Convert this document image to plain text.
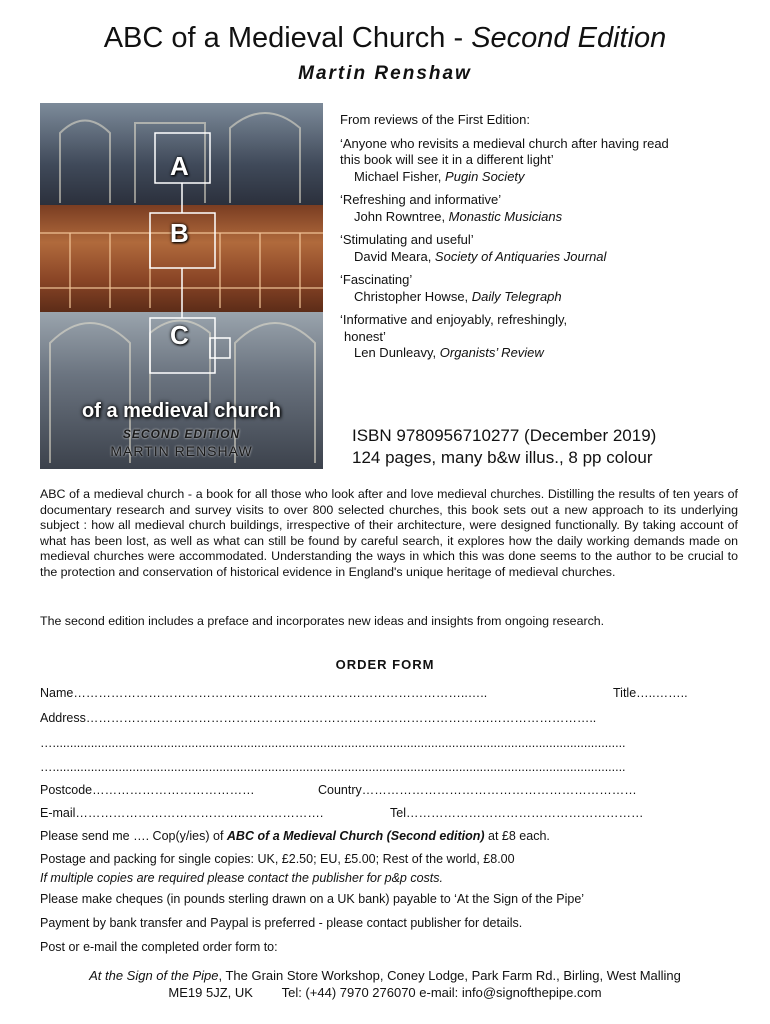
ABC of a Medieval Church - Second Edition
Martin Renshaw
A
B
C
of a medieval church
SECOND EDITION
MARTIN RENSHAW

From reviews of the First Edition:

‘Anyone who revisits a medieval church after having read

this book will see it in a different light’

Michael Fisher, Pugin Society

‘Refreshing and informative’

John Rowntree, Monastic Musicians

‘Stimulating and useful’

David Meara, Society of Antiquaries Journal

‘Fascinating’

Christopher Howse, Daily Telegraph

‘Informative and enjoyably, refreshingly,

honest’

Len Dunleavy, Organists’ Review

ISBN 9780956710277 (December 2019)
124 pages, many b&w illus., 8 pp colour
ABC of a medieval church - a book for all those who look after and love medieval churches. Distilling the results of ten years of documentary research and survey visits to over 800 selected churches, this book sets out a new approach to its underlying subject : how all medieval church buildings, irrespective of their architecture, were designed functionally. By taking account of what has been lost, as well as what can still be found by careful search, it explores how the daily working demands made on medieval churches were accommodated. Understanding the ways in which this was done seems to the author to be crucial to the protection and conservation of historical evidence in England's unique heritage of medieval churches.
The second edition includes a preface and incorporates new ideas and insights from ongoing research.
ORDER FORM
Name…………………………………………………………………………………..…..	Title…..……..
Address…………………………………………………………………………………….……………………..
….....................................................................................................................................................................
….....................................................................................................................................................................
Postcode…………………………………	Country…………………………………………………………
E-mail…………………………………..……………….	Tel…………………………………………………
Please send me …. Cop(y/ies) of ABC of a Medieval Church (Second edition) at £8 each.
Postage and packing for single copies: UK, £2.50; EU, £5.00; Rest of the world, £8.00
If multiple copies are required please contact the publisher for p&p costs.
Please make cheques (in pounds sterling drawn on a UK bank) payable to ‘At the Sign of the Pipe’
Payment by bank transfer and Paypal is preferred - please contact publisher for details.
Post or e-mail the completed order form to:
At the Sign of the Pipe, The Grain Store Workshop, Coney Lodge, Park Farm Rd., Birling, West Malling
ME19 5JZ, UK        Tel: (+44) 7970 276070 e-mail: info@signofthepipe.com
